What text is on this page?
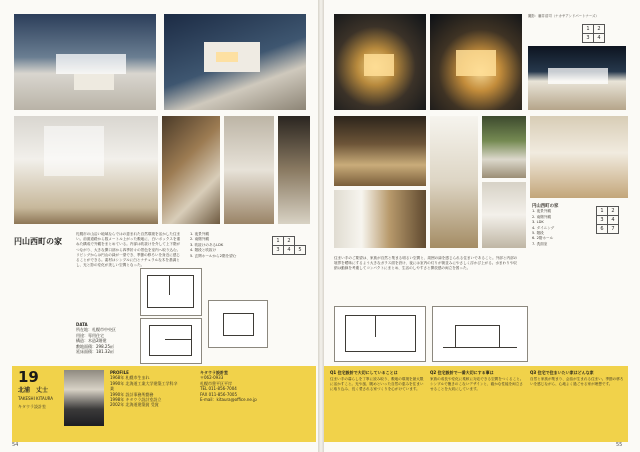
円山西町の家
札幌市の山沿い地域ならではの恵まれた自然環境を活かした住まい。前面道路から数メートル上がった敷地に、白いボックスを重ねた構成で外観をまとめている。内部は吹抜けを介して上下階がつながり、大きな開口部から四季折々の景色を室内へ取り込む。リビングからは円山の緑が一望でき、季節の移ろいを身近に感じることができる。素材はシンプルに白とナチュラルな木を基調とし、光と影の変化が美しい空間となった。
1. 夜景外観
2. 南側外観
3. 吹抜けのあるLDK
4. 階段と吹抜け
5. 玄関ホールから2階を望む
1	2	
3	4	5
DATA
所在地：札幌市中央区
用途：専用住宅
構造：木造2階建
敷地面積：298.25㎡
延床面積：181.32㎡
19
北浦　丈士
TAKESHI KITAURA
キタウラ設計室
PROFILE
1968年 札幌市生まれ
1990年 北海道工業大学建築工学科卒業
1990年 設計事務所勤務
1998年 キタウラ設計室設立
2002年 北海道建築賞 受賞
キタウラ設計室
〒062-0933
札幌市豊平区平岸
TEL 011-856-7004
FAX 011-856-7005
E-mail：kitaura@office.ne.jp
54
撮影：藤井浩司（ナカサアンドパートナーズ）
1	2
3	4
住まい手のご要望は、家族が自然と集まる明るい空間と、周囲の緑を感じられる住まいであること。外部と内部の境界を曖昧にするよう大きなガラス面を設け、夜には室内の灯りが街並みにやさしく浮かび上がる。水まわりや収納は動線を考慮してコンパクトにまとめ、生活のしやすさと開放感の両立を図った。
円山西町の家
1. 夜景外観
2. 南側外観
3. LDK
4. ダイニング
5. 階段
6. 2階ホール
7. 洗面室
1	2
3	4
6	7
Q1 住宅設計で大切にしていることは
住まい手の暮らしを丁寧に読み取り、敷地の環境を最大限に活かすこと。光や風、眺めといった自然の恵みを住まいに取り込み、長く愛される家づくりを心がけています。
Q2 住宅設計で一番大切にする事は
家族の成長や変化に柔軟に対応できる空間をつくること。シンプルで飽きのこないデザインと、確かな性能を両立させることを大切にしています。
Q3 住宅で住まいたい家はどんな家
自然と家族が集まり、会話が生まれる住まい。季節の移ろいを感じながら、心地よく過ごせる家が理想です。
55
